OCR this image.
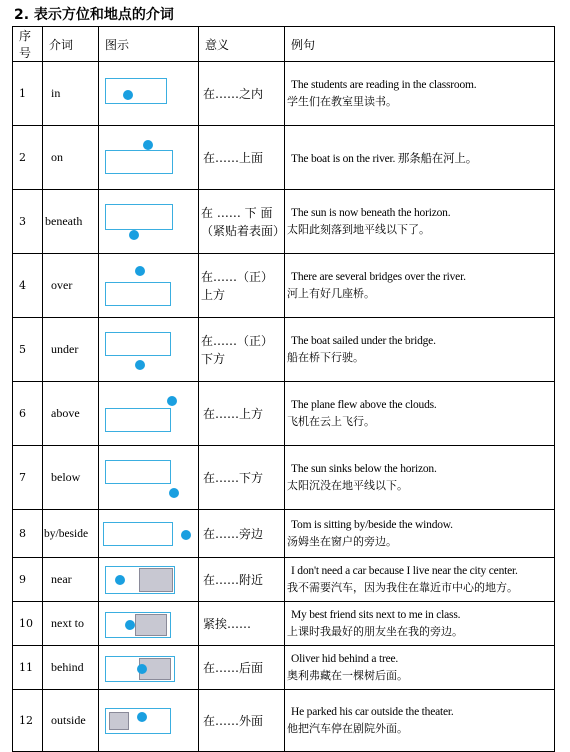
2. 表示方位和地点的介词
序号	介词	图示	意义	例句
1	in		在……之内	The students are reading in the classroom.
学生们在教室里读书。

2	on		在……上面	The boat is on the river. 那条船在河上。

3	beneath		在 …… 下 面（紧贴着表面）	The sun is now beneath the horizon.
太阳此刻落到地平线以下了。

4	over		在……（正）上方	There are several bridges over the river.
河上有好几座桥。

5	under		在……（正）下方	The boat sailed under the bridge.
船在桥下行驶。

6	above		在……上方	The plane flew above the clouds.
飞机在云上飞行。

7	below		在……下方	The sun sinks below the horizon.
太阳沉没在地平线以下。

8	by/beside		在……旁边	Tom is sitting by/beside the window.
汤姆坐在窗户的旁边。

9	near		在……附近	I don't need a car because I live near the city center.
我不需要汽车，因为我住在靠近市中心的地方。

10	next to		紧挨……	My best friend sits next to me in class.
上课时我最好的朋友坐在我的旁边。

11	behind		在……后面	Oliver hid behind a tree.
奥利弗藏在一棵树后面。

12	outside		在……外面	He parked his car outside the theater.
他把汽车停在剧院外面。
